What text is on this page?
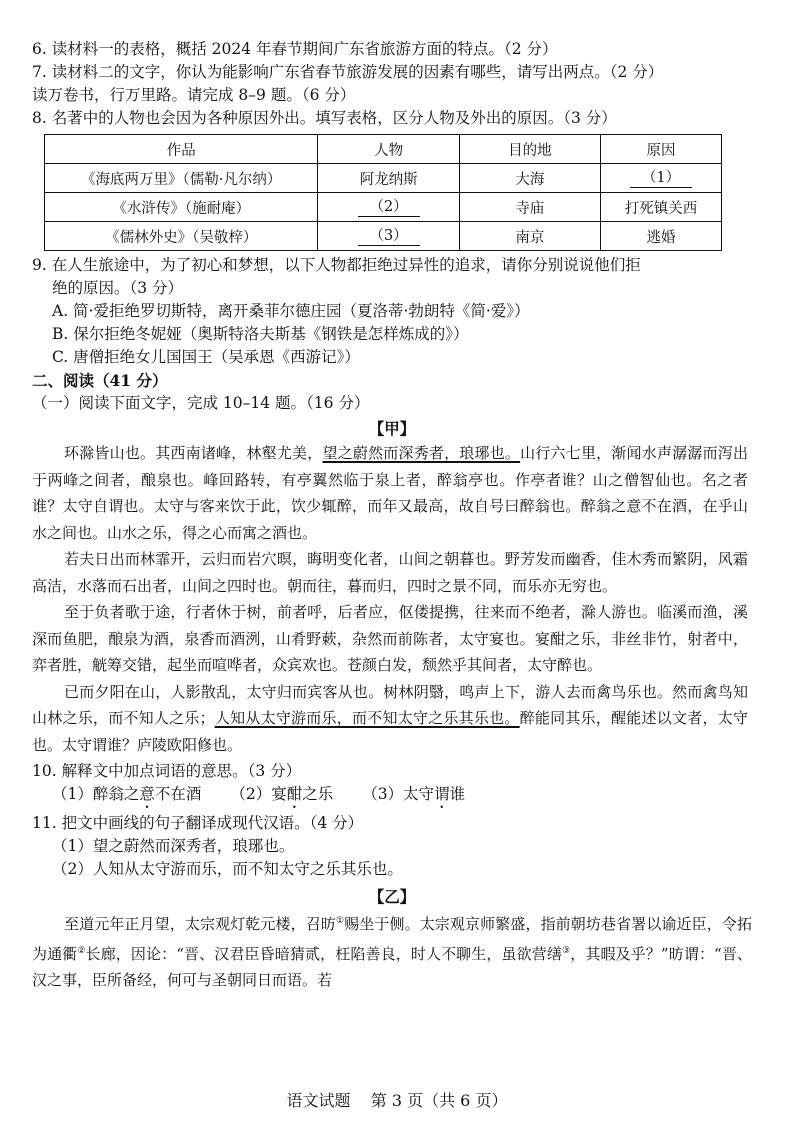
6. 读材料一的表格，概括 2024 年春节期间广东省旅游方面的特点。（2 分）
7. 读材料二的文字，你认为能影响广东省春节旅游发展的因素有哪些，请写出两点。（2 分）
读万卷书，行万里路。请完成 8–9 题。（6 分）
8. 名著中的人物也会因为各种原因外出。填写表格，区分人物及外出的原因。（3 分）
作品	人物	目的地	原因
《海底两万里》（儒勒·凡尔纳）	阿龙纳斯	大海	（1）
《水浒传》（施耐庵）	（2）	寺庙	打死镇关西
《儒林外史》（吴敬梓）	（3）	南京	逃婚
9. 在人生旅途中，为了初心和梦想，以下人物都拒绝过异性的追求，请你分别说说他们拒
绝的原因。（3 分）
A. 简·爱拒绝罗切斯特，离开桑菲尔德庄园（夏洛蒂·勃朗特《简·爱》）
B. 保尔拒绝冬妮娅（奥斯特洛夫斯基《钢铁是怎样炼成的》）
C. 唐僧拒绝女儿国国王（吴承恩《西游记》）
二、阅读（41 分）
（一）阅读下面文字，完成 10–14 题。（16 分）
【甲】
环滁皆山也。其西南诸峰，林壑尤美，望之蔚然而深秀者，琅琊也。山行六七里，渐闻水声潺潺而泻出于两峰之间者，酿泉也。峰回路转，有亭翼然临于泉上者，醉翁亭也。作亭者谁？山之僧智仙也。名之者谁？太守自谓也。太守与客来饮于此，饮少辄醉，而年又最高，故自号曰醉翁也。醉翁之意不在酒，在乎山水之间也。山水之乐，得之心而寓之酒也。
若夫日出而林霏开，云归而岩穴暝，晦明变化者，山间之朝暮也。野芳发而幽香，佳木秀而繁阴，风霜高洁，水落而石出者，山间之四时也。朝而往，暮而归，四时之景不同，而乐亦无穷也。
至于负者歌于途，行者休于树，前者呼，后者应，伛偻提携，往来而不绝者，滁人游也。临溪而渔，溪深而鱼肥，酿泉为酒，泉香而酒洌，山肴野蔌，杂然而前陈者，太守宴也。宴酣之乐，非丝非竹，射者中，弈者胜，觥筹交错，起坐而喧哗者，众宾欢也。苍颜白发，颓然乎其间者，太守醉也。
已而夕阳在山，人影散乱，太守归而宾客从也。树林阴翳，鸣声上下，游人去而禽鸟乐也。然而禽鸟知山林之乐，而不知人之乐；人知从太守游而乐，而不知太守之乐其乐也。醉能同其乐，醒能述以文者，太守也。太守谓谁？庐陵欧阳修也。
10. 解释文中加点词语的意思。（3 分）
（1）醉翁之意不在酒 （2）宴酣之乐 （3）太守谓谁
11. 把文中画线的句子翻译成现代汉语。（4 分）
（1）望之蔚然而深秀者，琅琊也。
（2）人知从太守游而乐，而不知太守之乐其乐也。
【乙】
至道元年正月望，太宗观灯乾元楼，召昉①赐坐于侧。太宗观京师繁盛，指前朝坊巷省署以谕近臣，令拓为通衢②长廊，因论：“晋、汉君臣昏暗猜贰，枉陷善良，时人不聊生，虽欲营缮③，其暇及乎？”昉谓：“晋、汉之事，臣所备经，何可与圣朝同日而语。若
语文试题 第 3 页（共 6 页）
